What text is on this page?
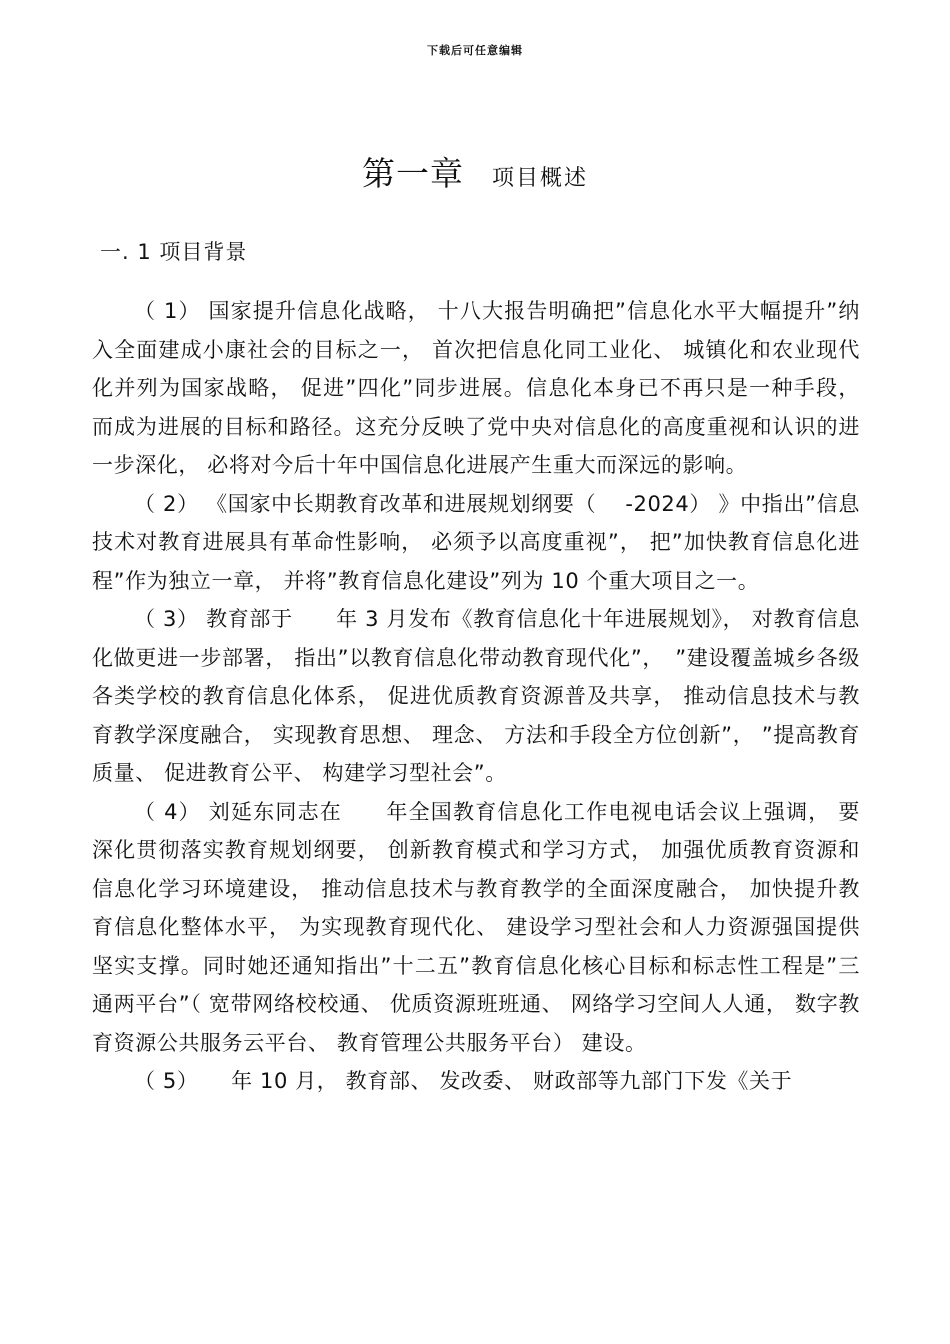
下载后可任意编辑
第一章 项目概述
一. 1 项目背景

（ 1） 国家提升信息化战略， 十八大报告明确把”信息化水平大幅提升”纳入全面建成小康社会的目标之一， 首次把信息化同工业化、 城镇化和农业现代化并列为国家战略， 促进”四化”同步进展。信息化本身已不再只是一种手段， 而成为进展的目标和路径。这充分反映了党中央对信息化的高度重视和认识的进一步深化， 必将对今后十年中国信息化进展产生重大而深远的影响。

（ 2） 《国家中长期教育改革和进展规划纲要（　 -2024） 》中指出”信息技术对教育进展具有革命性影响， 必须予以高度重视”， 把”加快教育信息化进程”作为独立一章， 并将”教育信息化建设”列为 10 个重大项目之一。

（ 3） 教育部于　　年 3 月发布《教育信息化十年进展规划》， 对教育信息化做更进一步部署， 指出”以教育信息化带动教育现代化”，　”建设覆盖城乡各级各类学校的教育信息化体系， 促进优质教育资源普及共享， 推动信息技术与教育教学深度融合， 实现教育思想、 理念、 方法和手段全方位创新”， ”提高教育质量、 促进教育公平、 构建学习型社会”。

（ 4） 刘延东同志在　　年全国教育信息化工作电视电话会议上强调， 要深化贯彻落实教育规划纲要， 创新教育模式和学习方式， 加强优质教育资源和信息化学习环境建设， 推动信息技术与教育教学的全面深度融合， 加快提升教育信息化整体水平， 为实现教育现代化、 建设学习型社会和人力资源强国提供坚实支撑。同时她还通知指出”十二五”教育信息化核心目标和标志性工程是”三通两平台”（ 宽带网络校校通、 优质资源班班通、 网络学习空间人人通， 数字教育资源公共服务云平台、 教育管理公共服务平台） 建设。

（ 5）　　年 10 月， 教育部、 发改委、 财政部等九部门下发《关于
